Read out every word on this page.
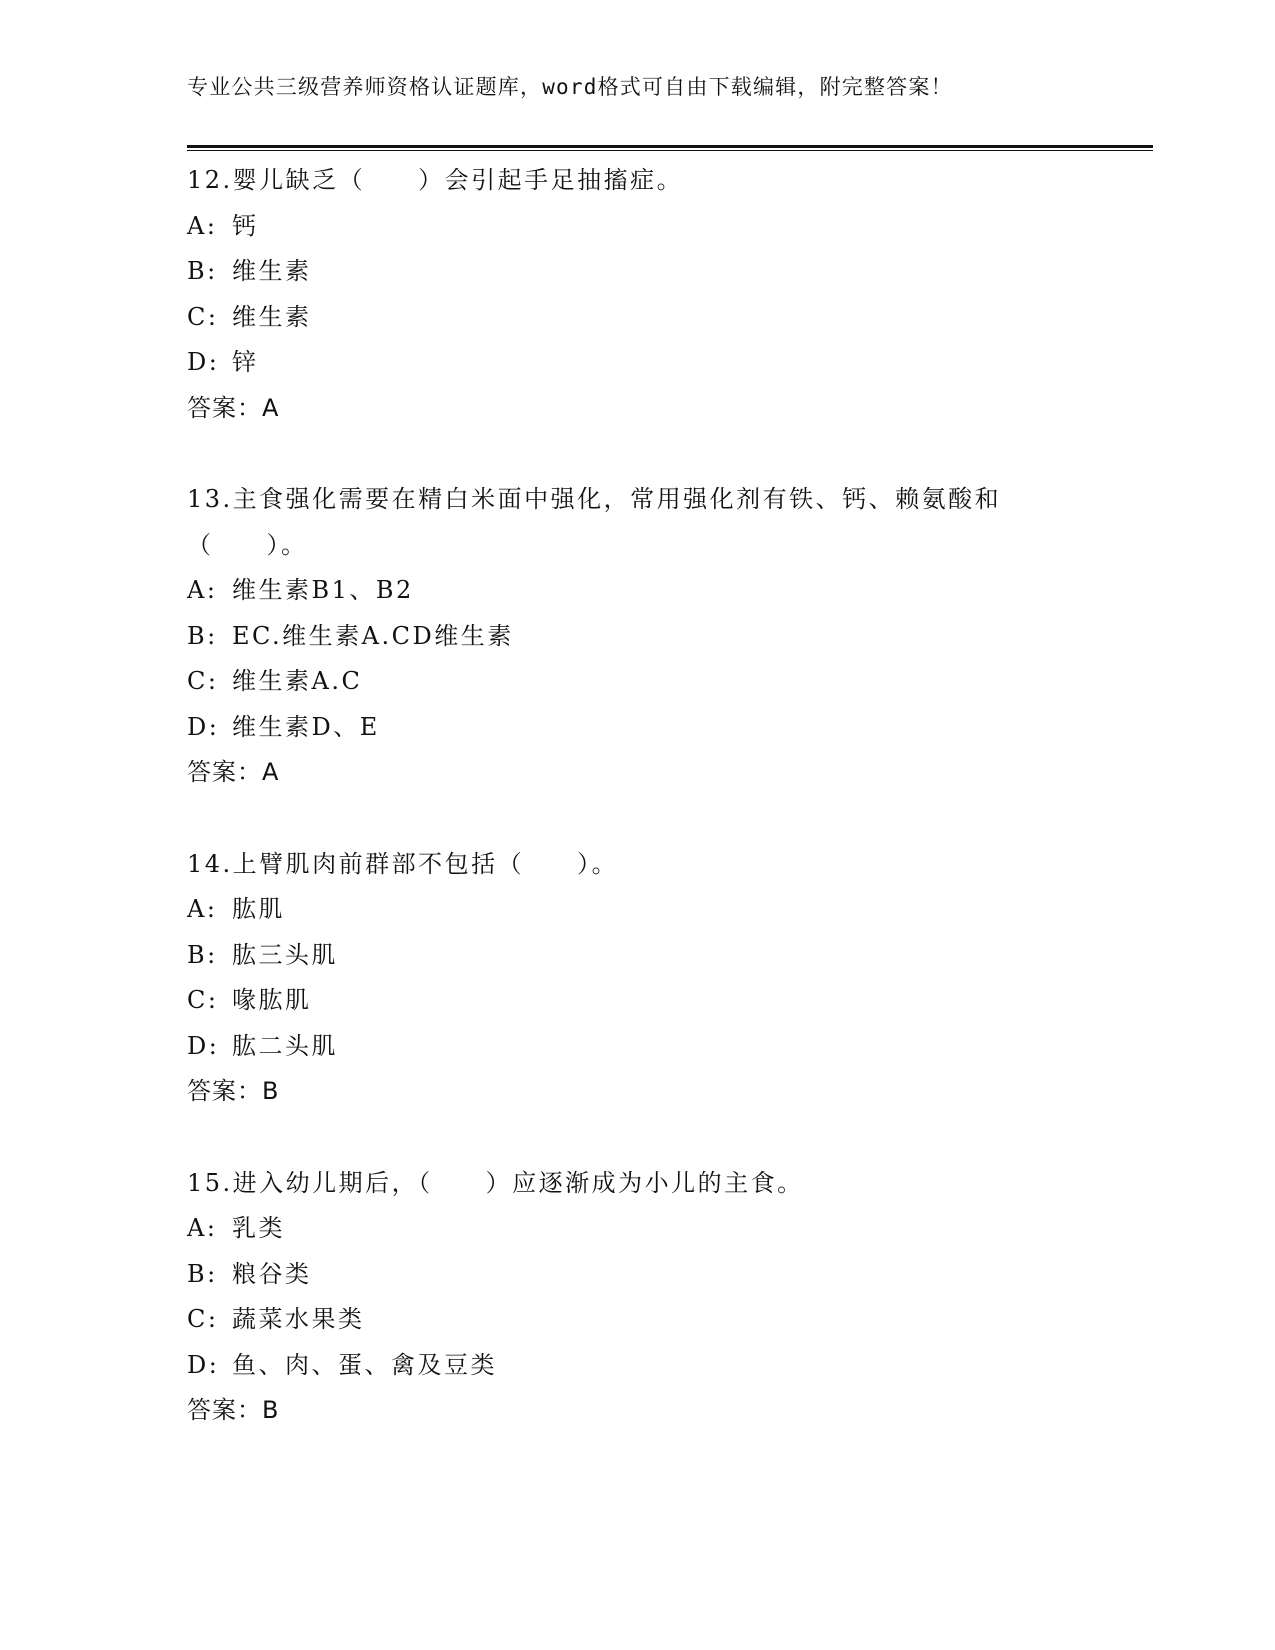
专业公共三级营养师资格认证题库，word格式可自由下载编辑，附完整答案！
12.婴儿缺乏（　　）会引起手足抽搐症。
A: 钙
B: 维生素
C: 维生素
D: 锌
答案：A
13.主食强化需要在精白米面中强化，常用强化剂有铁、钙、赖氨酸和
（　　）。
A: 维生素B1、B2
B: EC.维生素A.CD维生素
C: 维生素A.C
D: 维生素D、E
答案：A
14.上臂肌肉前群部不包括（　　）。
A: 肱肌
B: 肱三头肌
C: 喙肱肌
D: 肱二头肌
答案：B
15.进入幼儿期后，（　　）应逐渐成为小儿的主食。
A: 乳类
B: 粮谷类
C: 蔬菜水果类
D: 鱼、肉、蛋、禽及豆类
答案：B
